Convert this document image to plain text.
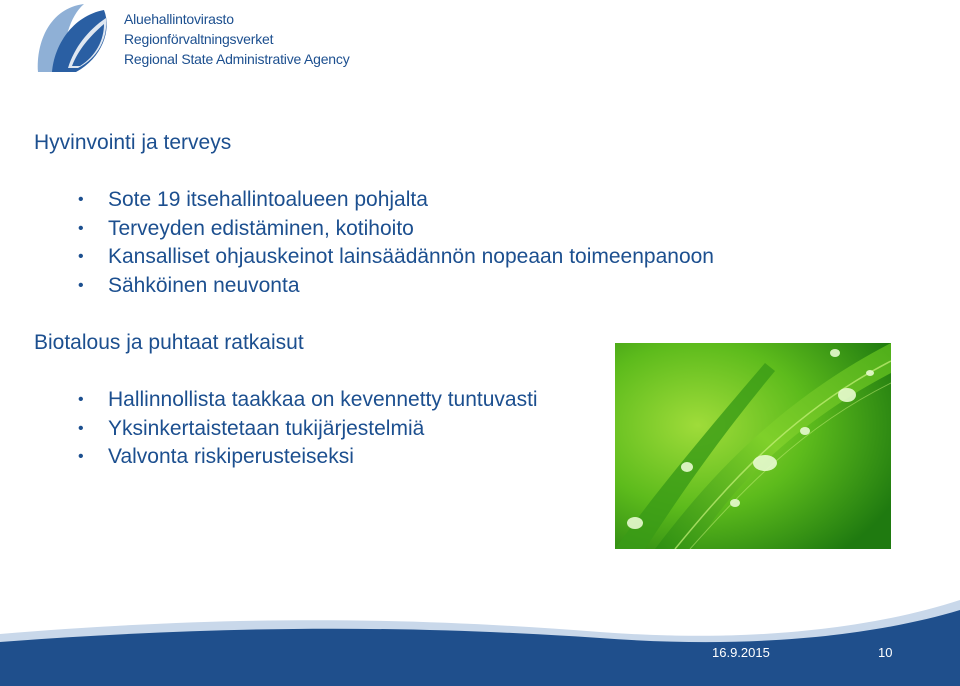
Aluehallintovirasto
Regionförvaltningsverket
Regional State Administrative Agency
Hyvinvointi ja terveys
• Sote 19 itsehallintoalueen pohjalta
• Terveyden edistäminen, kotihoito
• Kansalliset ohjauskeinot lainsäädännön nopeaan toimeenpanoon
• Sähköinen neuvonta
Biotalous ja puhtaat ratkaisut
• Hallinnollista taakkaa on kevennetty tuntuvasti
• Yksinkertaistetaan tukijärjestelmiä
• Valvonta riskiperusteiseksi
16.9.2015	10
